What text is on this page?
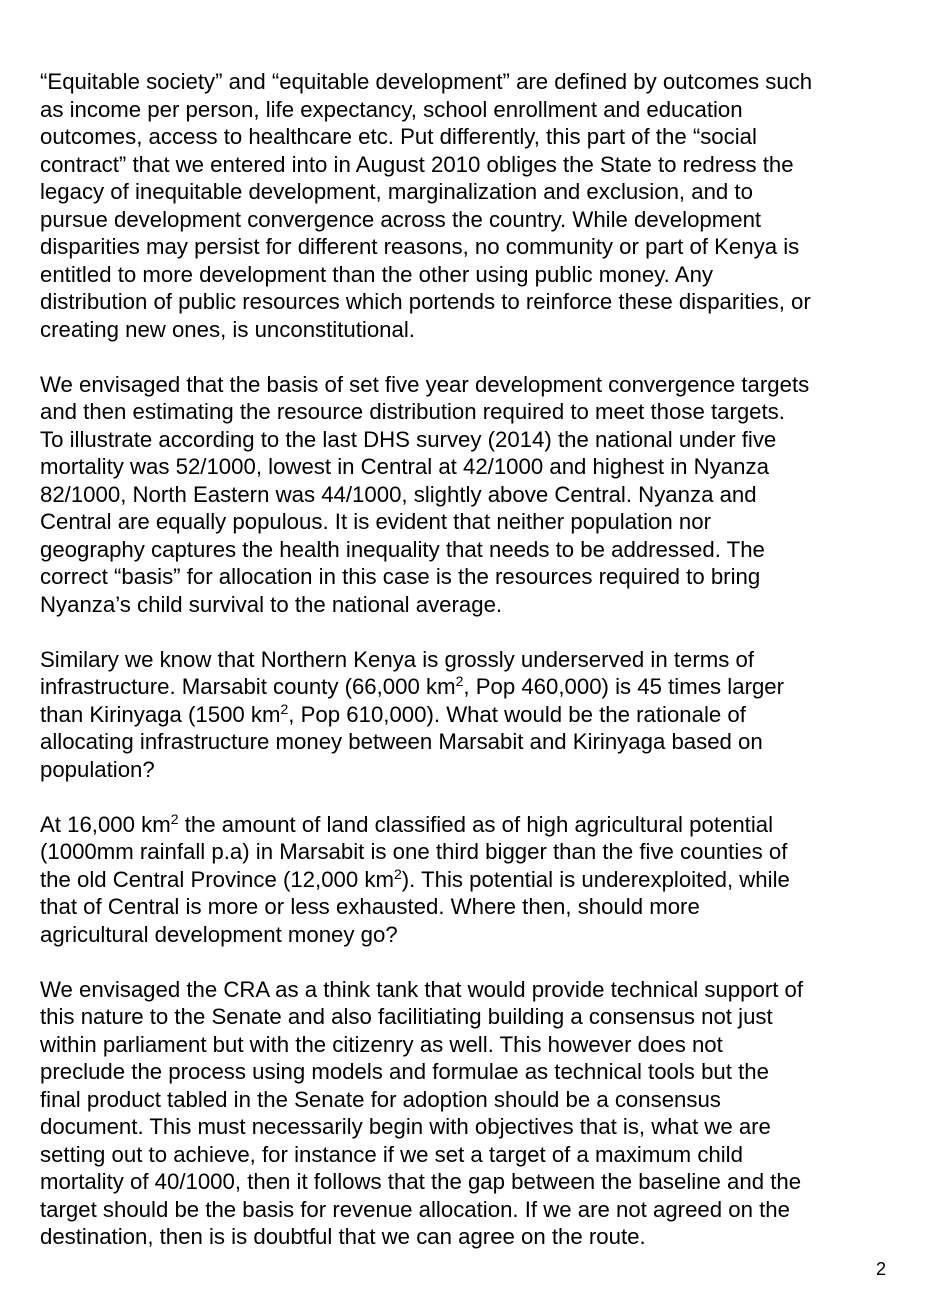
“Equitable society” and “equitable development” are defined by outcomes such
as income per person, life expectancy, school enrollment and education
outcomes, access to healthcare etc. Put differently, this part of the “social
contract” that we entered into in August 2010 obliges the State to redress the
legacy of inequitable development, marginalization and exclusion, and to
pursue development convergence across the country. While development
disparities may persist for different reasons, no community or part of Kenya is
entitled to more development than the other using public money. Any
distribution of public resources which portends to reinforce these disparities, or
creating new ones, is unconstitutional.

We envisaged that the basis of set five year development convergence targets
and then estimating the resource distribution required to meet those targets.
To illustrate according to the last DHS survey (2014) the national under five
mortality was 52/1000, lowest in Central at 42/1000 and highest in Nyanza
82/1000, North Eastern was 44/1000, slightly above Central. Nyanza and
Central are equally populous. It is evident that neither population nor
geography captures the health inequality that needs to be addressed. The
correct “basis” for allocation in this case is the resources required to bring
Nyanza’s child survival to the national average.

Similary we know that Northern Kenya is grossly underserved in terms of
infrastructure. Marsabit county (66,000 $km^2$, Pop 460,000) is 45 times larger
than Kirinyaga (1500 $km^2$, Pop 610,000). What would be the rationale of
allocating infrastructure money between Marsabit and Kirinyaga based on
population?

At 16,000 $km^2$ the amount of land classified as of high agricultural potential
(1000mm rainfall p.a) in Marsabit is one third bigger than the five counties of
the old Central Province (12,000 $km^2$). This potential is underexploited, while
that of Central is more or less exhausted. Where then, should more
agricultural development money go?

We envisaged the CRA as a think tank that would provide technical support of
this nature to the Senate and also facilitiating building a consensus not just
within parliament but with the citizenry as well. This however does not
preclude the process using models and formulae as technical tools but the
final product tabled in the Senate for adoption should be a consensus
document. This must necessarily begin with objectives that is, what we are
setting out to achieve, for instance if we set a target of a maximum child
mortality of 40/1000, then it follows that the gap between the baseline and the
target should be the basis for revenue allocation. If we are not agreed on the
destination, then is is doubtful that we can agree on the route.

2
